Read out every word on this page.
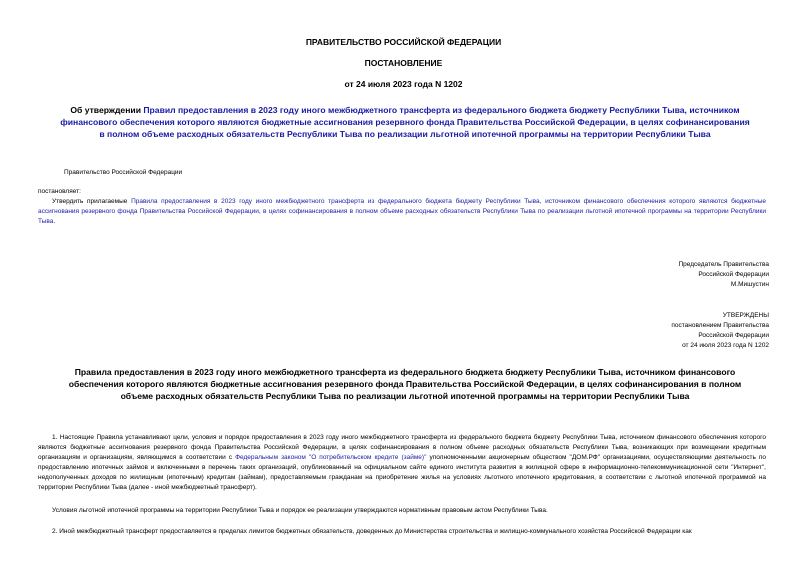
ПРАВИТЕЛЬСТВО РОССИЙСКОЙ ФЕДЕРАЦИИ
ПОСТАНОВЛЕНИЕ
от 24 июля 2023 года N 1202
Об утверждении Правил предоставления в 2023 году иного межбюджетного трансферта из федерального бюджета бюджету Республики Тыва, источником финансового обеспечения которого являются бюджетные ассигнования резервного фонда Правительства Российской Федерации, в целях софинансирования в полном объеме расходных обязательств Республики Тыва по реализации льготной ипотечной программы на территории Республики Тыва
Правительство Российской Федерации
постановляет:
Утвердить прилагаемые Правила предоставления в 2023 году иного межбюджетного трансферта из федерального бюджета бюджету Республики Тыва, источником финансового обеспечения которого являются бюджетные ассигнования резервного фонда Правительства Российской Федерации, в целях софинансирования в полном объеме расходных обязательств Республики Тыва по реализации льготной ипотечной программы на территории Республики Тыва.
Председатель Правительства
Российской Федерации
М.Мишустин
УТВЕРЖДЕНЫ
постановлением Правительства
Российской Федерации
от 24 июля 2023 года N 1202
Правила предоставления в 2023 году иного межбюджетного трансферта из федерального бюджета бюджету Республики Тыва, источником финансового обеспечения которого являются бюджетные ассигнования резервного фонда Правительства Российской Федерации, в целях софинансирования в полном объеме расходных обязательств Республики Тыва по реализации льготной ипотечной программы на территории Республики Тыва
1. Настоящие Правила устанавливают цели, условия и порядок предоставления в 2023 году иного межбюджетного трансферта из федерального бюджета бюджету Республики Тыва, источником финансового обеспечения которого являются бюджетные ассигнования резервного фонда Правительства Российской Федерации, в целях софинансирования в полном объеме расходных обязательств Республики Тыва, возникающих при возмещении кредитным организациям и организациям, являющимся в соответствии с Федеральным законом "О потребительском кредите (займе)" уполномоченными акционерным обществом "ДОМ.РФ" организациями, осуществляющими деятельность по предоставлению ипотечных займов и включенными в перечень таких организаций, опубликованный на официальном сайте единого института развития в жилищной сфере в информационно-телекоммуникационной сети "Интернет", недополученных доходов по жилищным (ипотечным) кредитам (займам), предоставляемым гражданам на приобретение жилья на условиях льготного ипотечного кредитования, в соответствии с льготной ипотечной программой на территории Республики Тыва (далее - иной межбюджетный трансферт).
Условия льготной ипотечной программы на территории Республики Тыва и порядок ее реализации утверждаются нормативным правовым актом Республики Тыва.
2. Иной межбюджетный трансферт предоставляется в пределах лимитов бюджетных обязательств, доведенных до Министерства строительства и жилищно-коммунального хозяйства Российской Федерации как
